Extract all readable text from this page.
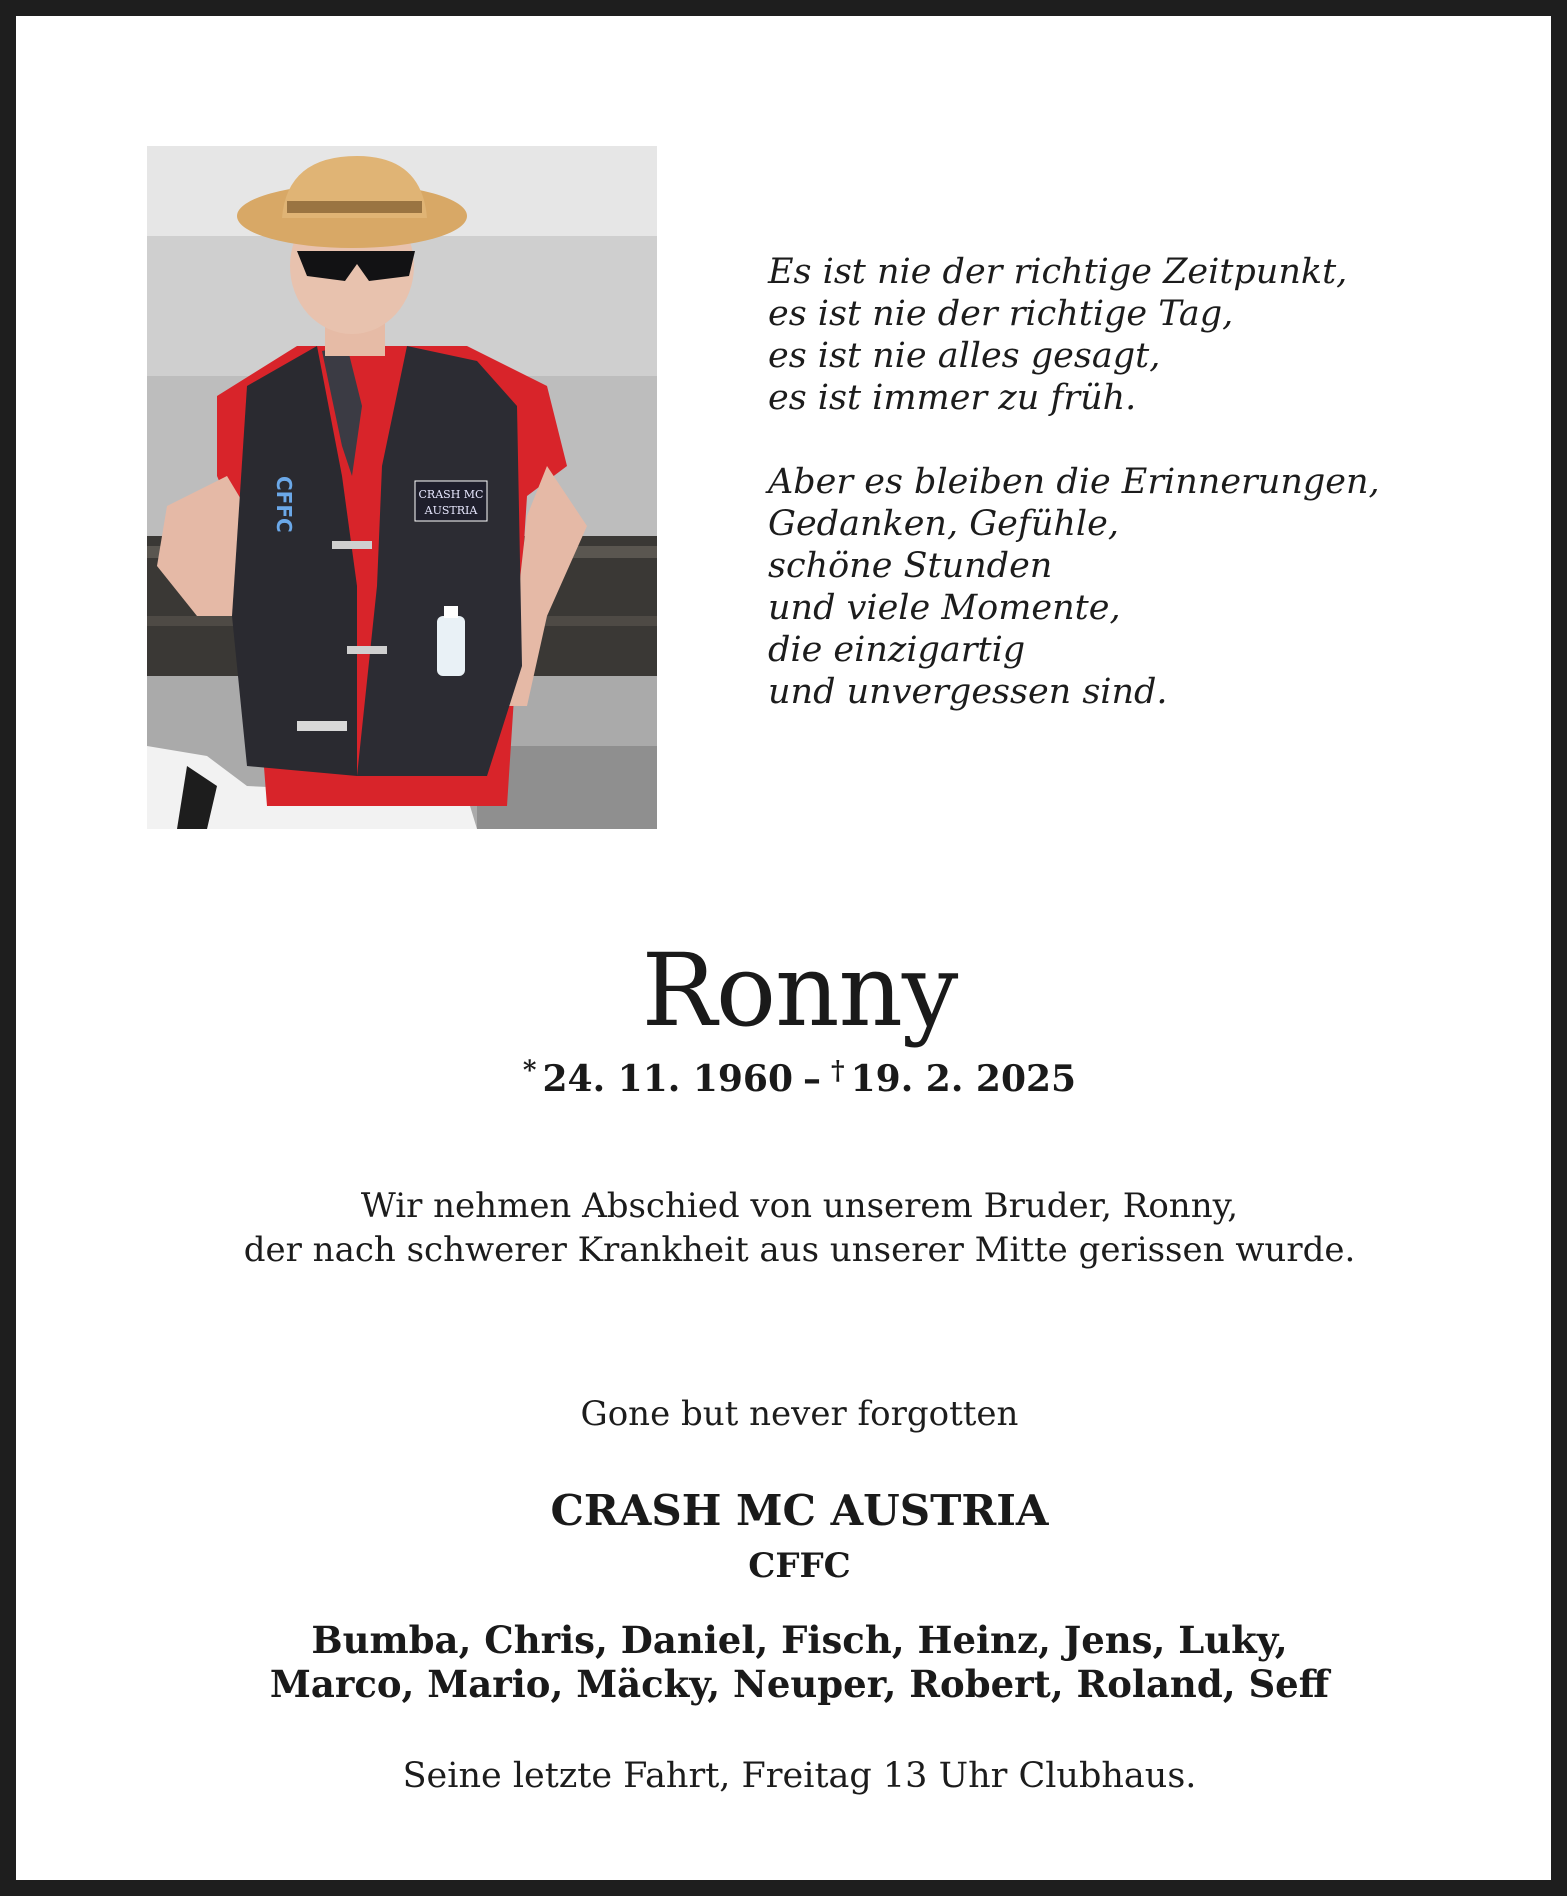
CRASH MC
AUSTRIA
CFFC
Es ist nie der richtige Zeitpunkt,
es ist nie der richtige Tag,
es ist nie alles gesagt,
es ist immer zu früh.
Aber es bleiben die Erinnerungen,
Gedanken, Gefühle,
schöne Stunden
und viele Momente,
die einzigartig
und unvergessen sind.
Ronny
* 24. 11. 1960 – † 19. 2. 2025
Wir nehmen Abschied von unserem Bruder, Ronny,
der nach schwerer Krankheit aus unserer Mitte gerissen wurde.
Gone but never forgotten
CRASH MC AUSTRIA
CFFC
Bumba, Chris, Daniel, Fisch, Heinz, Jens, Luky,
Marco, Mario, Mäcky, Neuper, Robert, Roland, Seff
Seine letzte Fahrt, Freitag 13 Uhr Clubhaus.
